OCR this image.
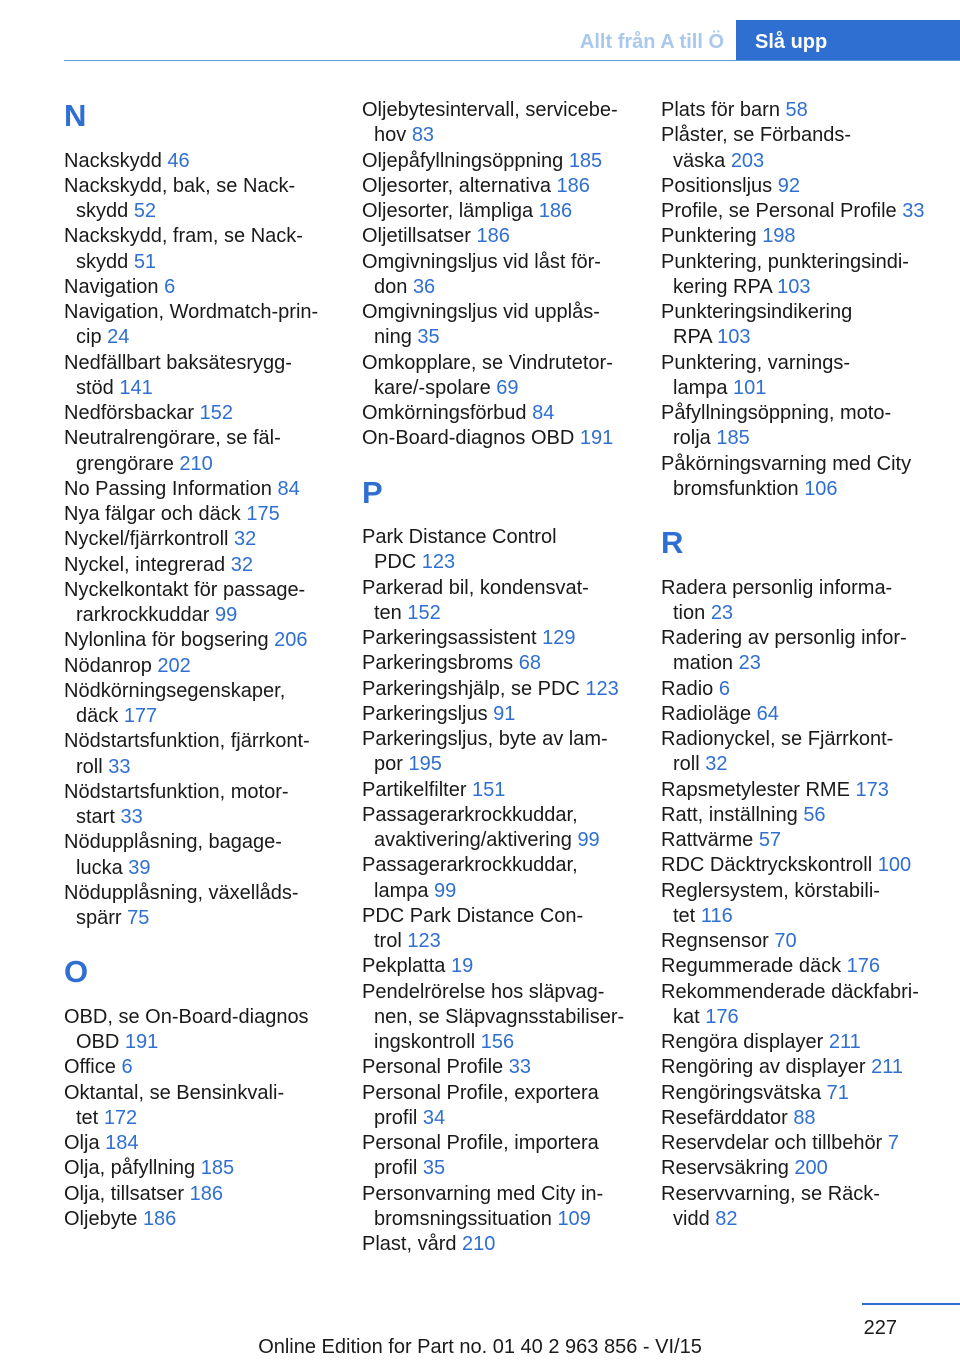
Allt från A till Ö	Slå upp
N
Nackskydd 46
Nackskydd, bak, se Nack-
skydd 52
Nackskydd, fram, se Nack-
skydd 51
Navigation 6
Navigation, Wordmatch-prin-
cip 24
Nedfällbart baksätesrygg-
stöd 141
Nedförsbackar 152
Neutralrengörare, se fäl-
grengörare 210
No Passing Information 84
Nya fälgar och däck 175
Nyckel/fjärrkontroll 32
Nyckel, integrerad 32
Nyckelkontakt för passage-
rarkrockkuddar 99
Nylonlina för bogsering 206
Nödanrop 202
Nödkörningsegenskaper,
däck 177
Nödstartsfunktion, fjärrkont-
roll 33
Nödstartsfunktion, motor-
start 33
Nödupplåsning, bagage-
lucka 39
Nödupplåsning, växellåds-
spärr 75
O
OBD, se On-Board-diagnos
OBD 191
Office 6
Oktantal, se Bensinkvali-
tet 172
Olja 184
Olja, påfyllning 185
Olja, tillsatser 186
Oljebyte 186
Oljebytesintervall, servicebe-
hov 83
Oljepåfyllningsöppning 185
Oljesorter, alternativa 186
Oljesorter, lämpliga 186
Oljetillsatser 186
Omgivningsljus vid låst för-
don 36
Omgivningsljus vid upplås-
ning 35
Omkopplare, se Vindrutetor-
kare/-spolare 69
Omkörningsförbud 84
On-Board-diagnos OBD 191
P
Park Distance Control
PDC 123
Parkerad bil, kondensvat-
ten 152
Parkeringsassistent 129
Parkeringsbroms 68
Parkeringshjälp, se PDC 123
Parkeringsljus 91
Parkeringsljus, byte av lam-
por 195
Partikelfilter 151
Passagerarkrockkuddar,
avaktivering/aktivering 99
Passagerarkrockkuddar,
lampa 99
PDC Park Distance Con-
trol 123
Pekplatta 19
Pendelrörelse hos släpvag-
nen, se Släpvagnsstabiliser-
ingskontroll 156
Personal Profile 33
Personal Profile, exportera
profil 34
Personal Profile, importera
profil 35
Personvarning med City in-
bromsningssituation 109
Plast, vård 210
Plats för barn 58
Plåster, se Förbands-
väska 203
Positionsljus 92
Profile, se Personal Profile 33
Punktering 198
Punktering, punkteringsindi-
kering RPA 103
Punkteringsindikering
RPA 103
Punktering, varnings-
lampa 101
Påfyllningsöppning, moto-
rolja 185
Påkörningsvarning med City
bromsfunktion 106
R
Radera personlig informa-
tion 23
Radering av personlig infor-
mation 23
Radio 6
Radioläge 64
Radionyckel, se Fjärrkont-
roll 32
Rapsmetylester RME 173
Ratt, inställning 56
Rattvärme 57
RDC Däcktryckskontroll 100
Reglersystem, körstabili-
tet 116
Regnsensor 70
Regummerade däck 176
Rekommenderade däckfabri-
kat 176
Rengöra displayer 211
Rengöring av displayer 211
Rengöringsvätska 71
Resefärddator 88
Reservdelar och tillbehör 7
Reservsäkring 200
Reservvarning, se Räck-
vidd 82
227
Online Edition for Part no. 01 40 2 963 856 - VI/15
